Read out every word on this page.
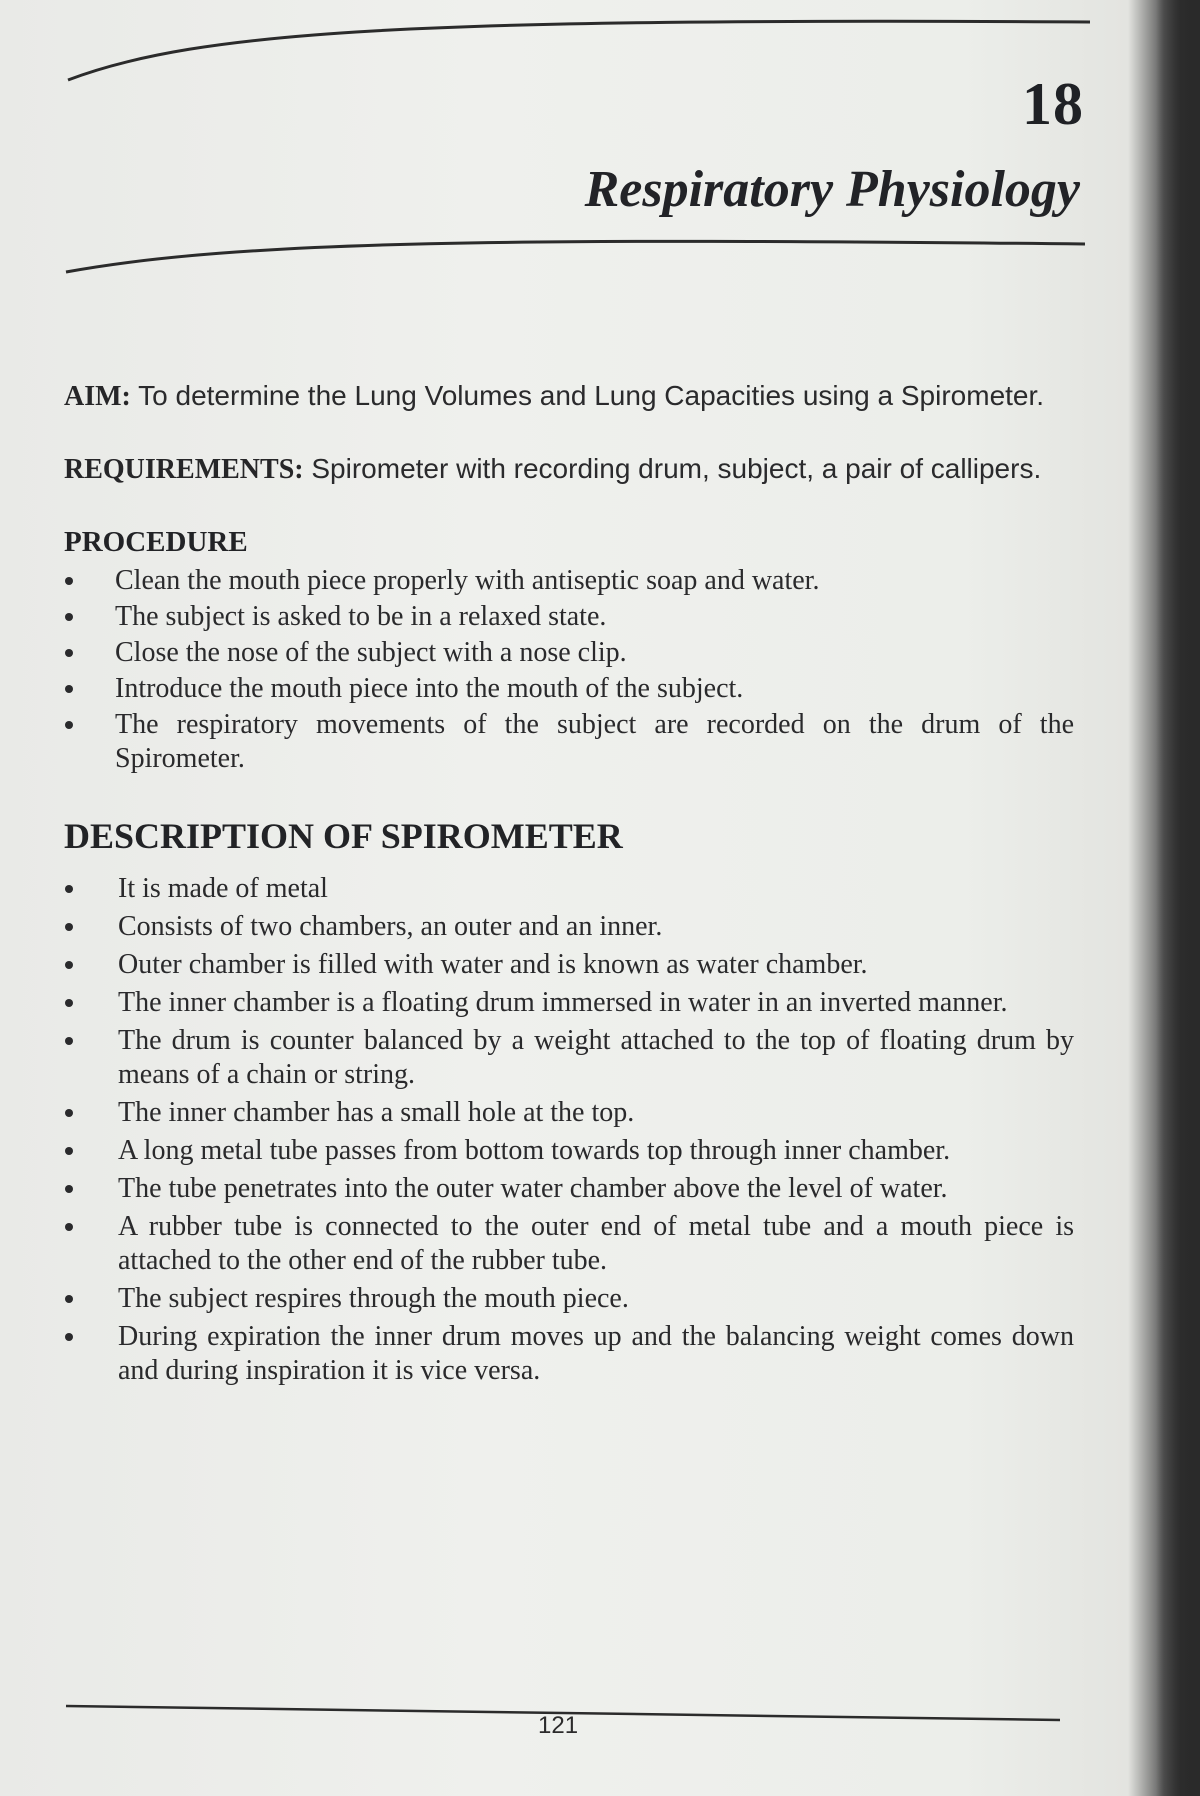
18
Respiratory Physiology

AIM: To determine the Lung Volumes and Lung Capacities using a Spirometer.

REQUIREMENTS: Spirometer with recording drum, subject, a pair of callipers.

PROCEDURE
Clean the mouth piece properly with antiseptic soap and water.
The subject is asked to be in a relaxed state.
Close the nose of the subject with a nose clip.
Introduce the mouth piece into the mouth of the subject.
The respiratory movements of the subject are recorded on the drum of the Spirometer.
DESCRIPTION OF SPIROMETER
It is made of metal
Consists of two chambers, an outer and an inner.
Outer chamber is filled with water and is known as water chamber.
The inner chamber is a floating drum immersed in water in an inverted manner.
The drum is counter balanced by a weight attached to the top of floating drum by means of a chain or string.
The inner chamber has a small hole at the top.
A long metal tube passes from bottom towards top through inner chamber.
The tube penetrates into the outer water chamber above the level of water.
A rubber tube is connected to the outer end of metal tube and a mouth piece is attached to the other end of the rubber tube.
The subject respires through the mouth piece.
During expiration the inner drum moves up and the balancing weight comes down and during inspiration it is vice versa.
121
